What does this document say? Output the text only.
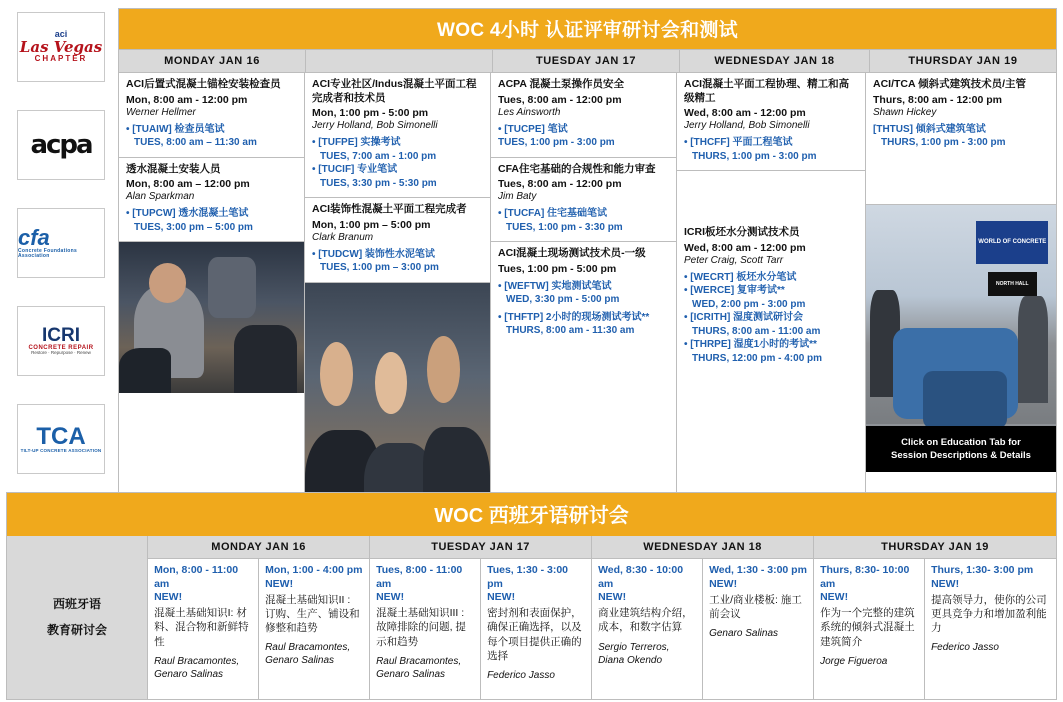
aci
Las Vegas
CHAPTER
acpa
cfa
Concrete Foundations Association
ICRI
CONCRETE REPAIR
Restore · Repurpose · Renew
TCA
TILT-UP CONCRETE ASSOCIATION
WOC 4小时 认证评审研讨会和测试
MONDAY JAN 16
	TUESDAY JAN 17	WEDNESDAY JAN 18	THURSDAY JAN 19
ACI后置式混凝土锚栓安装检查员
Mon, 8:00 am - 12:00 pm
Werner Hellmer
• [TUAIW] 检查员笔试
TUES, 8:00 am – 11:30 am
透水混凝土安装人员
Mon, 8:00 am – 12:00 pm
Alan Sparkman
• [TUPCW] 透水混凝土笔试
TUES, 3:00 pm – 5:00 pm
ACI专业社区/Indus混凝土平面工程完成者和技术员
Mon, 1:00 pm - 5:00 pm
Jerry Holland, Bob Simonelli
• [TUFPE] 实操考试
TUES, 7:00 am - 1:00 pm
• [TUCIF] 专业笔试
TUES, 3:30 pm - 5:30 pm
ACI装饰性混凝土平面工程完成者
Mon, 1:00 pm – 5:00 pm
Clark Branum
• [TUDCW] 装饰性水泥笔试
TUES, 1:00 pm – 3:00 pm
ACPA 混凝土泵操作员安全
Tues, 8:00 am - 12:00 pm
Les Ainsworth
• [TUCPE] 笔试
TUES, 1:00 pm - 3:00 pm
CFA住宅基础的合规性和能力审查
Tues, 8:00 am - 12:00 pm
Jim Baty
• [TUCFA] 住宅基础笔试
TUES, 1:00 pm - 3:30 pm
ACI混凝土现场测试技术员-一级
Tues, 1:00 pm - 5:00 pm
• [WEFTW] 实地测试笔试
WED, 3:30 pm - 5:00 pm
• [THFTP] 2小时的现场测试考试**
THURS, 8:00 am - 11:30 am
ACI混凝土平面工程协理、精工和高级精工
Wed, 8:00 am - 12:00 pm
Jerry Holland, Bob Simonelli
• [THCFF] 平面工程笔试
THURS, 1:00 pm - 3:00 pm
ICRI板坯水分测试技术员
Wed, 8:00 am - 12:00 pm
Peter Craig, Scott Tarr
• [WECRT] 板坯水分笔试
• [WERCE] 复审考试**
WED, 2:00 pm - 3:00 pm
• [ICRITH] 湿度测试研讨会
THURS, 8:00 am - 11:00 am
• [THRPE] 湿度1小时的考试**
THURS, 12:00 pm - 4:00 pm
ACI/TCA 倾斜式建筑技术员/主管
Thurs, 8:00 am - 12:00 pm
Shawn Hickey
[THTUS] 倾斜式建筑笔试
THURS, 1:00 pm - 3:00 pm
WORLD OF CONCRETE
NORTH HALL
Click on Education Tab for
Session Descriptions & Details
WOC 西班牙语研讨会
西班牙语
教育研讨会
MONDAY JAN 16	TUESDAY JAN 17	WEDNESDAY JAN 18	THURSDAY JAN 19
Mon, 8:00 - 11:00 am
NEW!
混凝土基础知识I: 材料、混合物和新鲜特性
Raul Bracamontes, Genaro Salinas
Mon, 1:00 - 4:00 pm
NEW!
混凝土基础知识II : 订购、生产、铺设和修整和趋势
Raul Bracamontes, Genaro Salinas
Tues, 8:00 - 11:00 am
NEW!
混凝土基础知识III : 故障排除的问题, 提示和趋势
Raul Bracamontes, Genaro Salinas
Tues, 1:30 - 3:00 pm
NEW!
密封剂和表面保护，确保正确选择，以及每个项目提供正确的选择
Federico Jasso
Wed, 8:30 - 10:00 am
NEW!
商业建筑结构介绍，成本，和数字估算
Sergio Terreros, Diana Okendo
Wed, 1:30 - 3:00 pm
NEW!
工业/商业楼板: 施工前会议
Genaro Salinas
Thurs, 8:30- 10:00 am
NEW!
作为一个完整的建筑系统的倾斜式混凝土建筑简介
Jorge Figueroa
Thurs, 1:30- 3:00 pm
NEW!
提高领导力，使你的公司更具竞争力和增加盈利能力
Federico Jasso
